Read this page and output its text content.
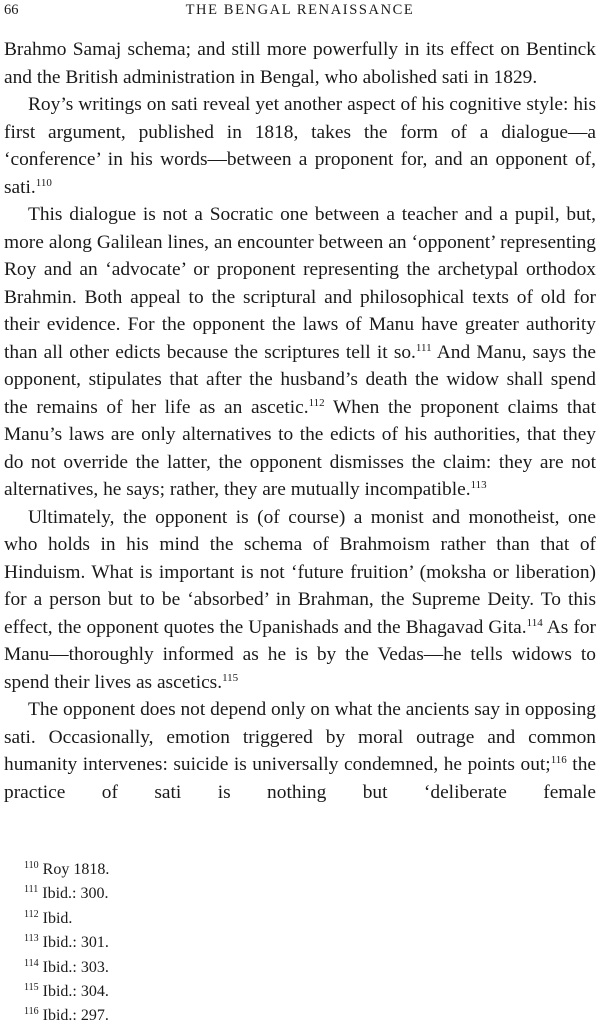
66	THE BENGAL RENAISSANCE

Brahmo Samaj schema; and still more powerfully in its effect on Bentinck and the British administration in Bengal, who abolished sati in 1829.

Roy’s writings on sati reveal yet another aspect of his cognitive style: his first argument, published in 1818, takes the form of a dialogue—a ‘conference’ in his words—between a proponent for, and an opponent of, sati.$^{110}$

This dialogue is not a Socratic one between a teacher and a pupil, but, more along Galilean lines, an encounter between an ‘opponent’ representing Roy and an ‘advocate’ or proponent representing the archetypal orthodox Brahmin. Both appeal to the scriptural and philosophical texts of old for their evidence. For the opponent the laws of Manu have greater authority than all other edicts because the scriptures tell it so.$^{111}$ And Manu, says the opponent, stipulates that after the husband’s death the widow shall spend the remains of her life as an ascetic.$^{112}$ When the proponent claims that Manu’s laws are only alternatives to the edicts of his authorities, that they do not override the latter, the opponent dismisses the claim: they are not alternatives, he says; rather, they are mutually incompatible.$^{113}$

Ultimately, the opponent is (of course) a monist and monotheist, one who holds in his mind the schema of Brahmoism rather than that of Hinduism. What is important is not ‘future fruition’ (moksha or liberation) for a person but to be ‘absorbed’ in Brahman, the Supreme Deity. To this effect, the opponent quotes the Upanishads and the Bhagavad Gita.$^{114}$ As for Manu—thoroughly informed as he is by the Vedas—he tells widows to spend their lives as ascetics.$^{115}$

The opponent does not depend only on what the ancients say in opposing sati. Occasionally, emotion triggered by moral outrage and common humanity intervenes: suicide is universally condemned, he points out;$^{116}$ the practice of sati is nothing but ‘deliberate female

$^{110}$ Roy 1818.
$^{111}$ Ibid.: 300.
$^{112}$ Ibid.
$^{113}$ Ibid.: 301.
$^{114}$ Ibid.: 303.
$^{115}$ Ibid.: 304.
$^{116}$ Ibid.: 297.
